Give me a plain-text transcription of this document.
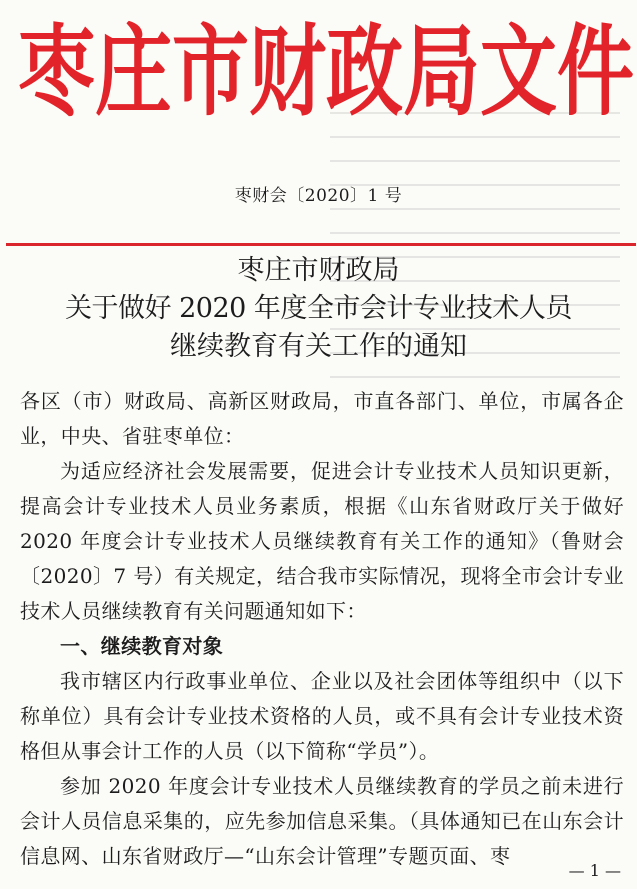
枣庄市财政局文件
枣财会〔2020〕1 号
枣庄市财政局
关于做好 2020 年度全市会计专业技术人员
继续教育有关工作的通知

各区（市）财政局、高新区财政局，市直各部门、单位，市属各企业，中央、省驻枣单位：

为适应经济社会发展需要，促进会计专业技术人员知识更新，提高会计专业技术人员业务素质，根据《山东省财政厅关于做好 2020 年度会计专业技术人员继续教育有关工作的通知》（鲁财会〔2020〕7 号）有关规定，结合我市实际情况，现将全市会计专业技术人员继续教育有关问题通知如下：

一、继续教育对象

我市辖区内行政事业单位、企业以及社会团体等组织中（以下称单位）具有会计专业技术资格的人员，或不具有会计专业技术资格但从事会计工作的人员（以下简称“学员”）。

参加 2020 年度会计专业技术人员继续教育的学员之前未进行会计人员信息采集的，应先参加信息采集。（具体通知已在山东会计信息网、山东省财政厅—“山东会计管理”专题页面、枣

— 1 —
